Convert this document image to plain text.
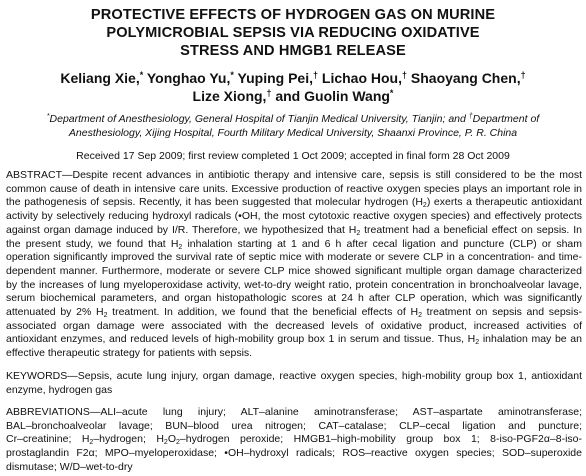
PROTECTIVE EFFECTS OF HYDROGEN GAS ON MURINE
POLYMICROBIAL SEPSIS VIA REDUCING OXIDATIVE
STRESS AND HMGB1 RELEASE
Keliang Xie,* Yonghao Yu,* Yuping Pei,† Lichao Hou,† Shaoyang Chen,†
Lize Xiong,† and Guolin Wang*
*Department of Anesthesiology, General Hospital of Tianjin Medical University, Tianjin; and †Department of
Anesthesiology, Xijing Hospital, Fourth Military Medical University, Shaanxi Province, P. R. China
Received 17 Sep 2009; first review completed 1 Oct 2009; accepted in final form 28 Oct 2009
ABSTRACT—Despite recent advances in antibiotic therapy and intensive care, sepsis is still considered to be the most
common cause of death in intensive care units. Excessive production of reactive oxygen species plays an important role in
the pathogenesis of sepsis. Recently, it has been suggested that molecular hydrogen $(H_2)$ exerts a therapeutic antioxidant
activity by selectively reducing hydroxyl radicals (•OH, the most cytotoxic reactive oxygen species) and effectively protects
against organ damage induced by I/R. Therefore, we hypothesized that $H_2$ treatment had a beneficial effect on sepsis. In
the present study, we found that $H_2$ inhalation starting at 1 and 6 h after cecal ligation and puncture (CLP) or sham
operation significantly improved the survival rate of septic mice with moderate or severe CLP in a concentration- and time-
dependent manner. Furthermore, moderate or severe CLP mice showed significant multiple organ damage characterized
by the increases of lung myeloperoxidase activity, wet-to-dry weight ratio, protein concentration in bronchoalveolar lavage,
serum biochemical parameters, and organ histopathologic scores at 24 h after CLP operation, which was significantly
attenuated by 2% $H_2$ treatment. In addition, we found that the beneficial effects of $H_2$ treatment on sepsis and sepsis-
associated organ damage were associated with the decreased levels of oxidative product, increased activities of
antioxidant enzymes, and reduced levels of high-mobility group box 1 in serum and tissue. Thus, $H_2$ inhalation may be an
effective therapeutic strategy for patients with sepsis.
KEYWORDS—Sepsis, acute lung injury, organ damage, reactive oxygen species, high-mobility group box 1, antioxidant
enzyme, hydrogen gas
ABBREVIATIONS—ALI–acute lung injury; ALT–alanine aminotransferase; AST–aspartate aminotransferase;
BAL–bronchoalveolar lavage; BUN–blood urea nitrogen; CAT–catalase; CLP–cecal ligation and puncture;
Cr–creatinine; $H_2$–hydrogen; $H_2O_2$–hydrogen peroxide; HMGB1–high-mobility group box 1; 8-iso-PGF2α–8-iso-
prostaglandin F2α; MPO–myeloperoxidase; •OH–hydroxyl radicals; ROS–reactive oxygen species; SOD–superoxide
dismutase; W/D–wet-to-dry
